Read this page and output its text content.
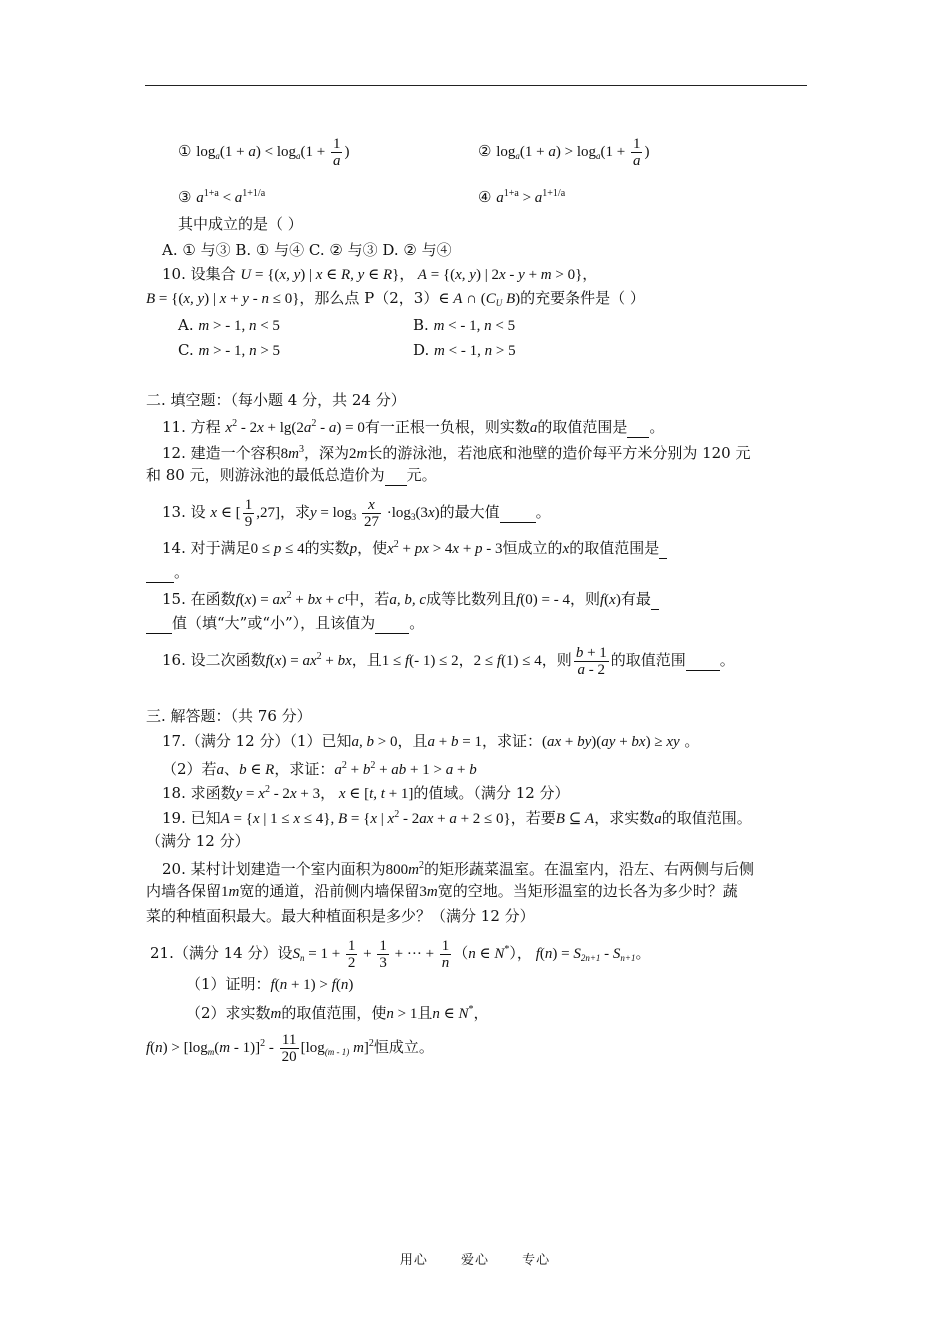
① $\log_a(1 + a) < \log_a(1 + \frac{1}{a}$ )	② $\log_a(1 + a) > \log_a(1 + \frac{1}{a}$ )
③ $a^{1+a} < a^{1+1/a}$	④ $a^{1+a} > a^{1+1/a}$
其中成立的是（ ）
A. ① 与③ B. ① 与④ C. ② 与③ D. ② 与④
10. 设集合 U = {(x, y) | x ∈ R, y ∈ R}， A = {(x, y) | 2x - y + m > 0}，
B = {(x, y) | x + y - n ≤ 0}，那么点 P（2，3）∈ A ∩ ($C_U$ B)的充要条件是（ ）
A. m > - 1, n < 5	B. m < - 1, n < 5
C. m > - 1, n > 5	D. m < - 1, n > 5
二. 填空题：（每小题 4 分，共 24 分）
11. 方程 $x^2 - 2x + \lg(2a^2 - a) = 0$有一正根一负根，则实数a的取值范围是 。
12. 建造一个容积$8m^3$，深为2m长的游泳池，若池底和池壁的造价每平方米分别为 120 元
和 80 元，则游泳池的最低总造价为 元。
13. 设 x ∈ [ $\frac{1}{9} ,27$]，求$y = \log_3 \frac{x}{27} \cdot\log_3(3x)$的最大值 。
14. 对于满足0 ≤ p ≤ 4的实数p，使$x^2$ + px > 4x + p - 3恒成立的x的取值范围是
。
15. 在函数$f(x) = ax^2$ + bx + c中，若a, b, c成等比数列且f(0) = - 4，则f(x)有最
值（填“大”或“小”），且该值为 。
16. 设二次函数$f(x) = ax^2$ + bx，且1 ≤ f(- 1) ≤ 2，2 ≤ f(1) ≤ 4，则 $\frac{b + 1}{a - 2}$ 的取值范围 。
三. 解答题：（共 76 分）
17.（满分 12 分）（1）已知a, b > 0，且a + b = 1，求证：(ax + by)(ay + bx) ≥ xy 。
（2）若a、b ∈ R，求证：$a^2 + b^2$ + ab + 1 > a + b
18. 求函数$y = x^2 - 2x + 3$， x ∈ [t, t + 1]的值域。（满分 12 分）
19. 已知A = {x | 1 ≤ x ≤ 4}, B = {x | $x^2 - 2ax + a + 2 \le 0$}，若要B ⊆ A，求实数a的取值范围。
（满分 12 分）
20. 某村计划建造一个室内面积为$800m^2$的矩形蔬菜温室。在温室内，沿左、右两侧与后侧
内墙各保留1m宽的通道，沿前侧内墙保留3m宽的空地。当矩形温室的边长各为多少时？蔬
菜的种植面积最大。最大种植面积是多少？（满分 12 分）
21.（满分 14 分）设$S_n = 1 + \frac{1}{2} + \frac{1}{3}$ + ··· + $\frac{1}{n} (n$ ∈ N*）， $f(n) = S_{2n+1} - S_{n+1}$。
（1）证明：f(n + 1) > f(n)
（2）求实数m的取值范围，使n > 1且n ∈ N*，
$f(n) > [\log_m(m - 1)]^2 - \frac{11}{20} [\log_{(m - 1)}$ m]$^2$恒成立。
用心	爱心	专心
